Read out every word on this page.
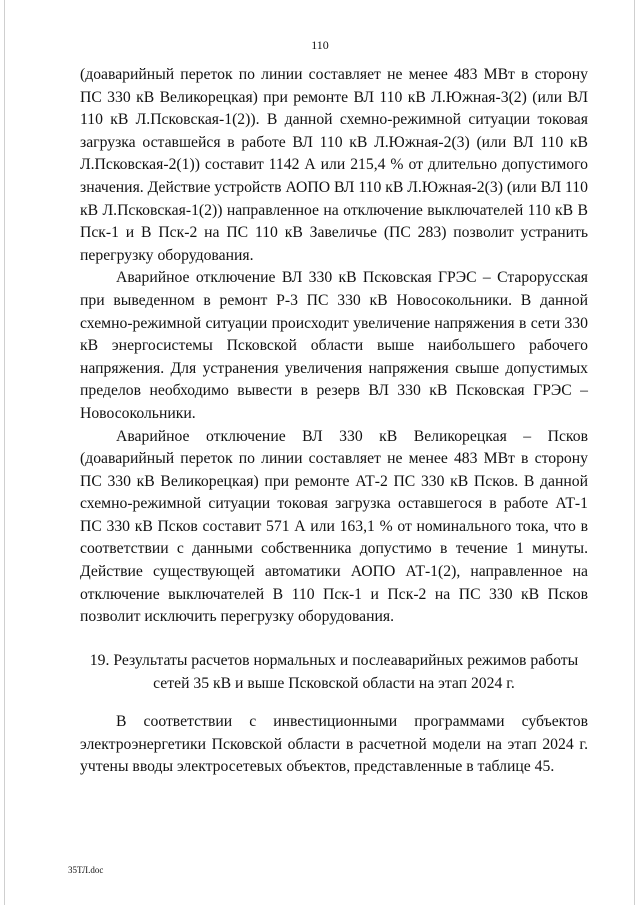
110

(доаварийный переток по линии составляет не менее 483 МВт в сторону ПС 330 кВ Великорецкая) при ремонте ВЛ 110 кВ Л.Южная-3(2) (или ВЛ 110 кВ Л.Псковская-1(2)). В данной схемно-режимной ситуации токовая загрузка оставшейся в работе ВЛ 110 кВ Л.Южная-2(3) (или ВЛ 110 кВ Л.Псковская-2(1)) составит 1142 А или 215,4 % от длительно допустимого значения. Действие устройств АОПО ВЛ 110 кВ Л.Южная-2(3) (или ВЛ 110 кВ Л.Псковская-1(2)) направленное на отключение выключателей 110 кВ В Пск-1 и В Пск-2 на ПС 110 кВ Завеличье (ПС 283) позволит устранить перегрузку оборудования.

Аварийное отключение ВЛ 330 кВ Псковская ГРЭС – Старорусская при выведенном в ремонт Р-3 ПС 330 кВ Новосокольники. В данной схемно-режимной ситуации происходит увеличение напряжения в сети 330 кВ энергосистемы Псковской области выше наибольшего рабочего напряжения. Для устранения увеличения напряжения свыше допустимых пределов необходимо вывести в резерв ВЛ 330 кВ Псковская ГРЭС – Новосокольники.

Аварийное отключение ВЛ 330 кВ Великорецкая – Псков (доаварийный переток по линии составляет не менее 483 МВт в сторону ПС 330 кВ Великорецкая) при ремонте АТ-2 ПС 330 кВ Псков. В данной схемно-режимной ситуации токовая загрузка оставшегося в работе АТ-1 ПС 330 кВ Псков составит 571 А или 163,1 % от номинального тока, что в соответствии с данными собственника допустимо в течение 1 минуты. Действие существующей автоматики АОПО АТ-1(2), направленное на отключение выключателей В 110 Пск-1 и Пск-2 на ПС 330 кВ Псков позволит исключить перегрузку оборудования.

19. Результаты расчетов нормальных и послеаварийных режимов работы

сетей 35 кВ и выше Псковской области на этап 2024 г.

В соответствии с инвестиционными программами субъектов электроэнергетики Псковской области в расчетной модели на этап 2024 г. учтены вводы электросетевых объектов, представленные в таблице 45.

35ТЛ.doc
